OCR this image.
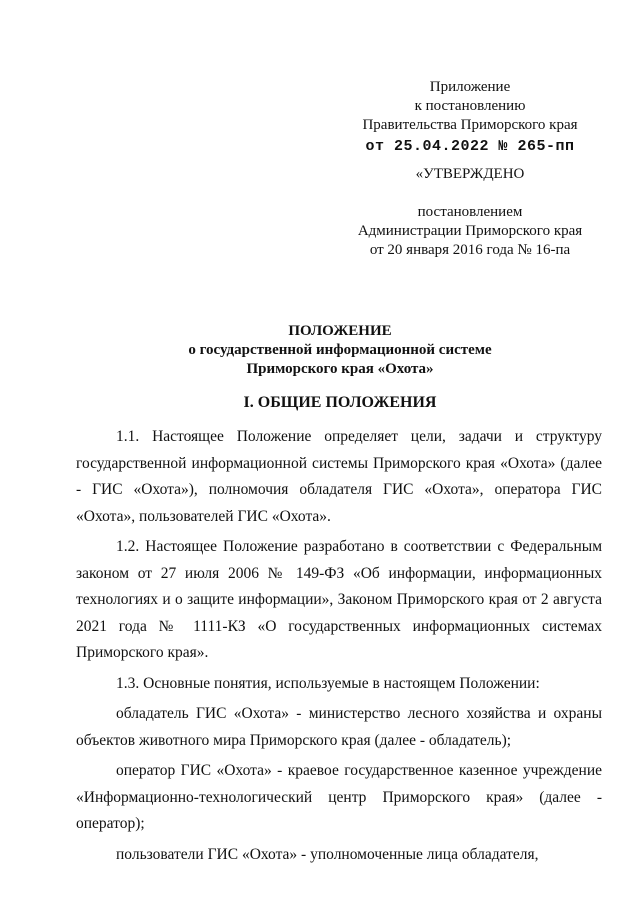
Приложение
к постановлению
Правительства Приморского края
от 25.04.2022 № 265-пп
«УТВЕРЖДЕНО
постановлением
Администрации Приморского края
от 20 января 2016 года № 16-па
ПОЛОЖЕНИЕ
о государственной информационной системе
Приморского края «Охота»
I. ОБЩИЕ ПОЛОЖЕНИЯ

1.1. Настоящее Положение определяет цели, задачи и структуру государственной информационной системы Приморского края «Охота» (далее - ГИС «Охота»), полномочия обладателя ГИС «Охота», оператора ГИС «Охота», пользователей ГИС «Охота».

1.2. Настоящее Положение разработано в соответствии с Федеральным законом от 27 июля 2006 № 149-ФЗ «Об информации, информационных технологиях и о защите информации», Законом Приморского края от 2 августа 2021 года № 1111-КЗ «О государственных информационных системах Приморского края».

1.3. Основные понятия, используемые в настоящем Положении:

обладатель ГИС «Охота» - министерство лесного хозяйства и охраны объектов животного мира Приморского края (далее - обладатель);

оператор ГИС «Охота» - краевое государственное казенное учреждение «Информационно-технологический центр Приморского края» (далее - оператор);

пользователи ГИС «Охота» - уполномоченные лица обладателя,
